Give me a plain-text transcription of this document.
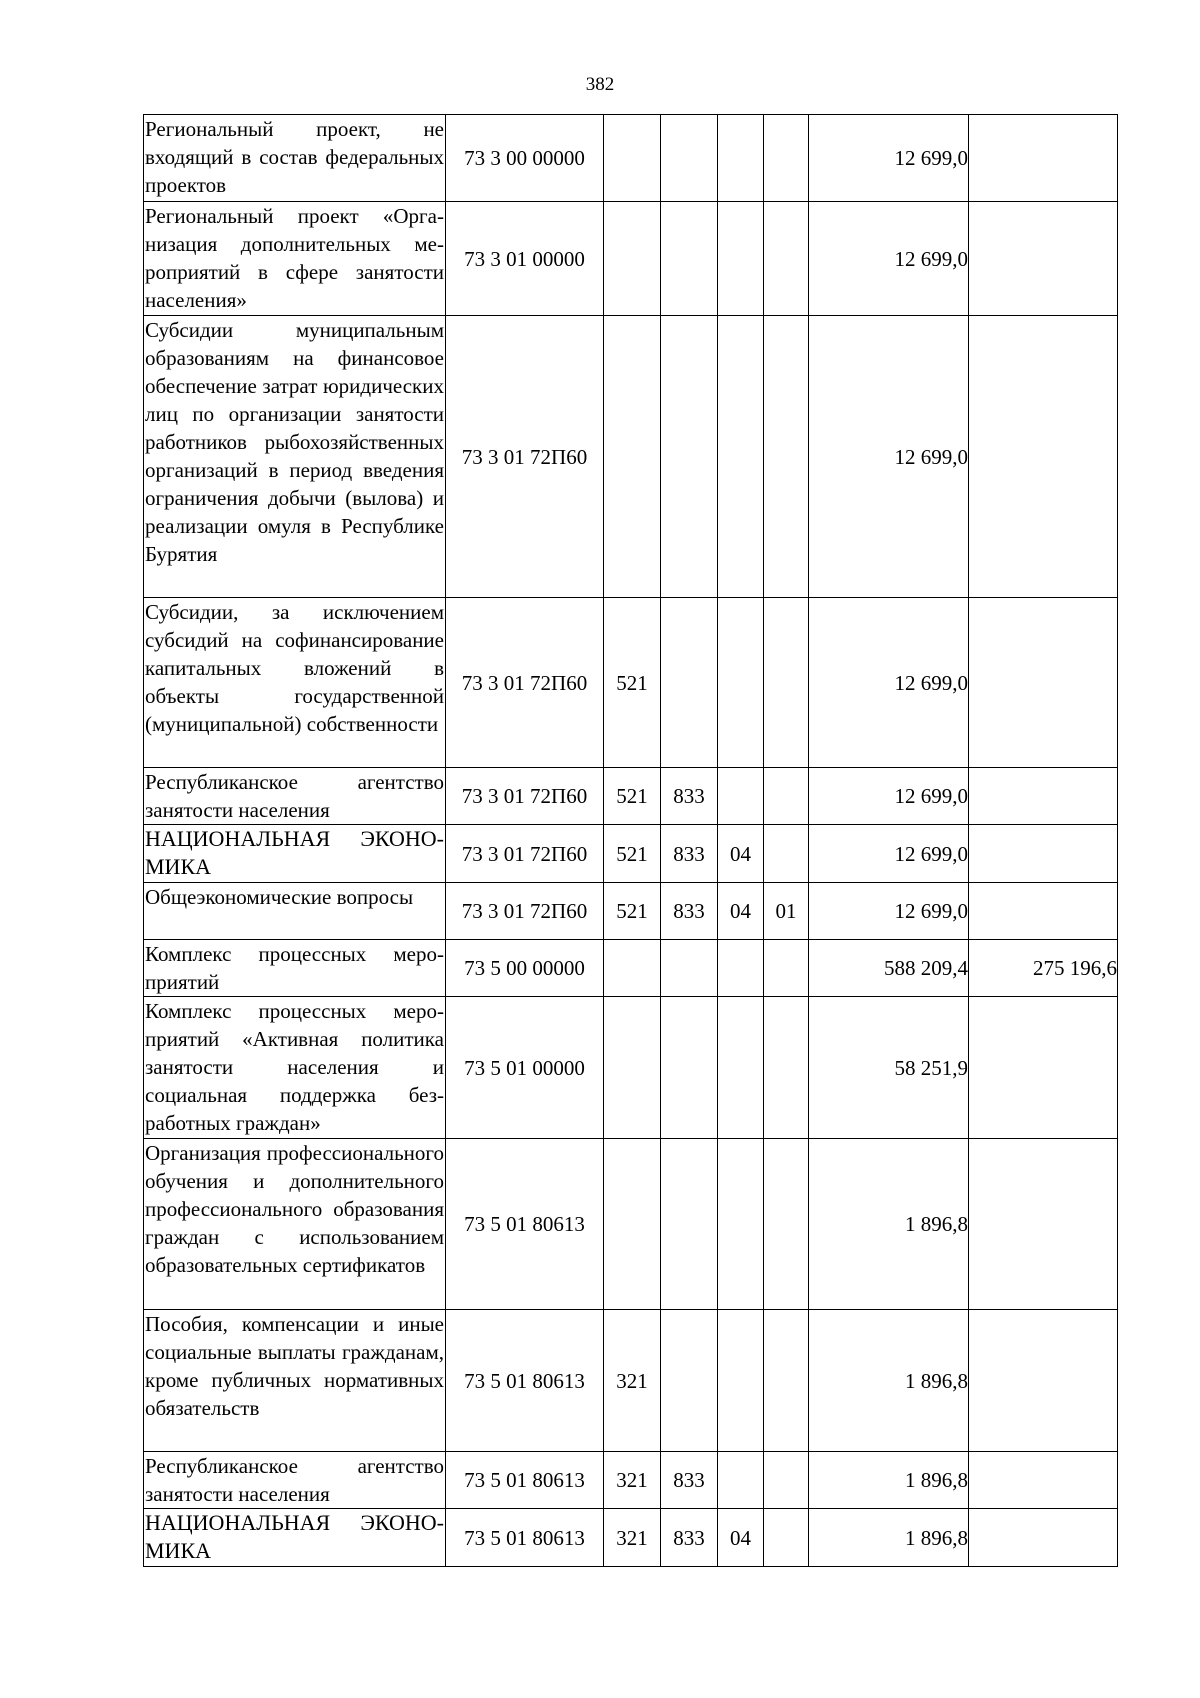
382
Региональный проект, не входящий в состав федеральных проектов	73 3 00 00000					12 699,0	
Региональный проект «Организация дополнительных мероприятий в сфере занятости населения»	73 3 01 00000					12 699,0	
Субсидии муниципальным образованиям на финансовое обеспечение затрат юридических лиц по организации занятости работников рыбохозяйственных организаций в период введения ограничения добычи (вылова) и реализации омуля в Республике Бурятия	73 3 01 72П60					12 699,0	
Субсидии, за исключением субсидий на софинансирование капитальных вложений в объекты государственной (муниципальной) собственности	73 3 01 72П60	521				12 699,0	
Республиканское агентство занятости населения	73 3 01 72П60	521	833			12 699,0	
НАЦИОНАЛЬНАЯ ЭКОНОМИКА	73 3 01 72П60	521	833	04		12 699,0	
Общеэкономические вопросы	73 3 01 72П60	521	833	04	01	12 699,0	
Комплекс процессных мероприятий	73 5 00 00000					588 209,4	275 196,6
Комплекс процессных мероприятий «Активная политика занятости населения и социальная поддержка безработных граждан»	73 5 01 00000					58 251,9	
Организация профессионального обучения и дополнительного профессионального образования граждан с использованием образовательных сертификатов	73 5 01 80613					1 896,8	
Пособия, компенсации и иные социальные выплаты гражданам, кроме публичных нормативных обязательств	73 5 01 80613	321				1 896,8	
Республиканское агентство занятости населения	73 5 01 80613	321	833			1 896,8	
НАЦИОНАЛЬНАЯ ЭКОНОМИКА	73 5 01 80613	321	833	04		1 896,8	
